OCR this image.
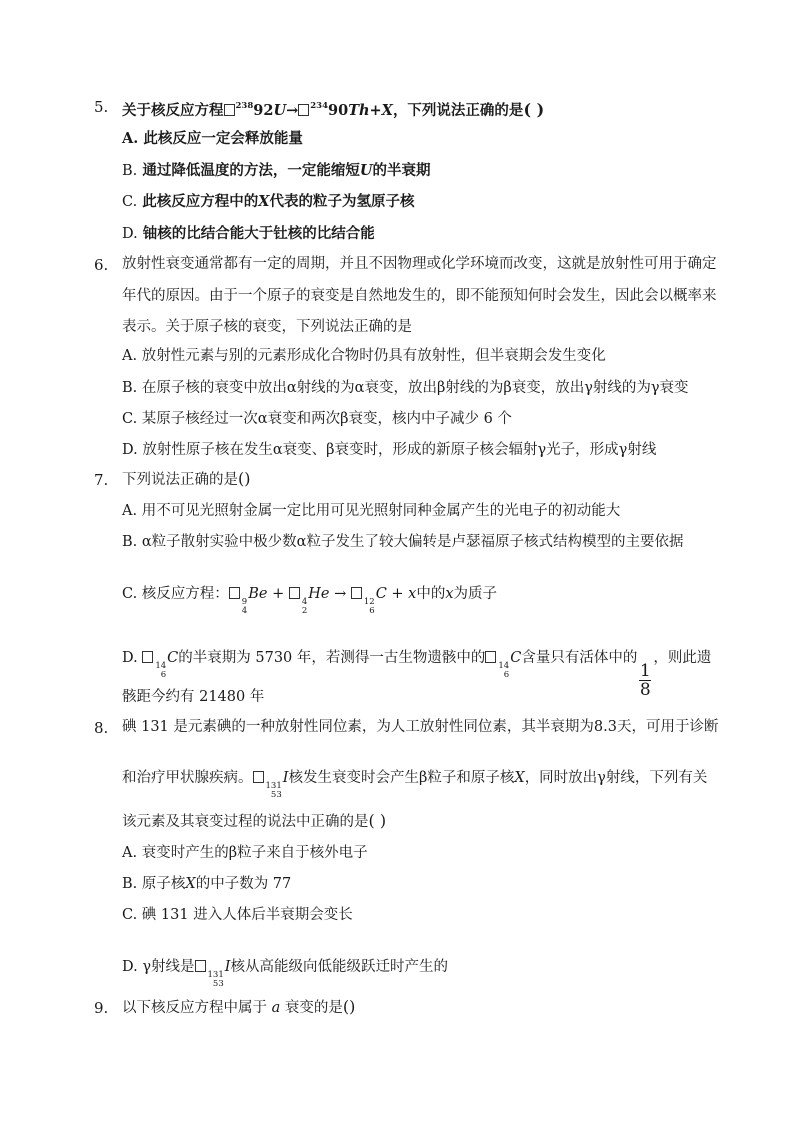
5. 关于核反应方程 $^{238}$92U→ $^{234}$90Th+X，下列说法正确的是( )
A. 此核反应一定会释放能量
B. 通过降低温度的方法，一定能缩短U的半衰期
C. 此核反应方程中的X代表的粒子为氢原子核
D. 铀核的比结合能大于钍核的比结合能
6. 放射性衰变通常都有一定的周期，并且不因物理或化学环境而改变，这就是放射性可用于确定
年代的原因。由于一个原子的衰变是自然地发生的，即不能预知何时会发生，因此会以概率来
表示。关于原子核的衰变，下列说法正确的是
A. 放射性元素与别的元素形成化合物时仍具有放射性，但半衰期会发生变化
B. 在原子核的衰变中放出α射线的为α衰变，放出β射线的为β衰变，放出γ射线的为γ衰变
C. 某原子核经过一次α衰变和两次β衰变，核内中子减少 6 个
D. 放射性原子核在发生α衰变、β衰变时，形成的新原子核会辐射γ光子，形成γ射线
7. 下列说法正确的是()
A. 用不可见光照射金属一定比用可见光照射同种金属产生的光电子的初动能大
B. α粒子散射实验中极少数α粒子发生了较大偏转是卢瑟福原子核式结构模型的主要依据
C. 核反应方程： 9
4
Be + 4
2
He → 12
6
C + x中的x为质子
D. 14
6
C的半衰期为 5730 年，若测得一古生物遗骸中的 14
6
C含量只有活体中的
$\frac{1}{8}$
，则此遗
骸距今约有 21480 年
8. 碘 131 是元素碘的一种放射性同位素，为人工放射性同位素，其半衰期为8.3天，可用于诊断
和治疗甲状腺疾病。 131
53
I核发生衰变时会产生β粒子和原子核X，同时放出γ射线，下列有关
该元素及其衰变过程的说法中正确的是( )
A. 衰变时产生的β粒子来自于核外电子
B. 原子核X的中子数为 77
C. 碘 131 进入人体后半衰期会变长
D. γ射线是 131
53
I核从高能级向低能级跃迁时产生的
9. 以下核反应方程中属于 a 衰变的是()
